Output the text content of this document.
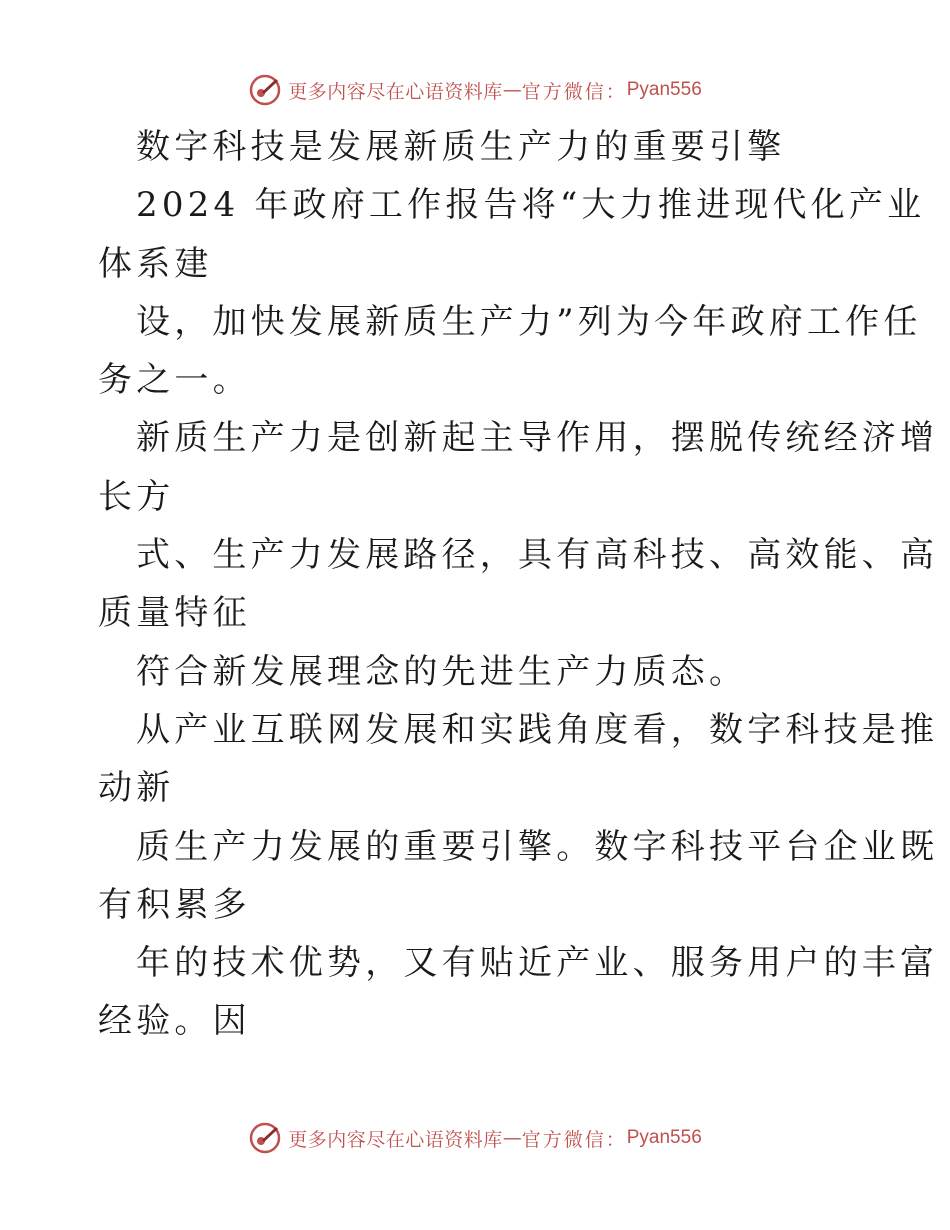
更多内容尽在心语资料库 — 官方微信： Pyan556
数字科技是发展新质生产力的重要引擎
2024 年政府工作报告将“大力推进现代化产业
体系建
设，加快发展新质生产力”列为今年政府工作任
务之一。
新质生产力是创新起主导作用，摆脱传统经济增
长方
式、生产力发展路径，具有高科技、高效能、高
质量特征
符合新发展理念的先进生产力质态。
从产业互联网发展和实践角度看，数字科技是推
动新
质生产力发展的重要引擎。数字科技平台企业既
有积累多
年的技术优势，又有贴近产业、服务用户的丰富
经验。因
更多内容尽在心语资料库 — 官方微信： Pyan556
